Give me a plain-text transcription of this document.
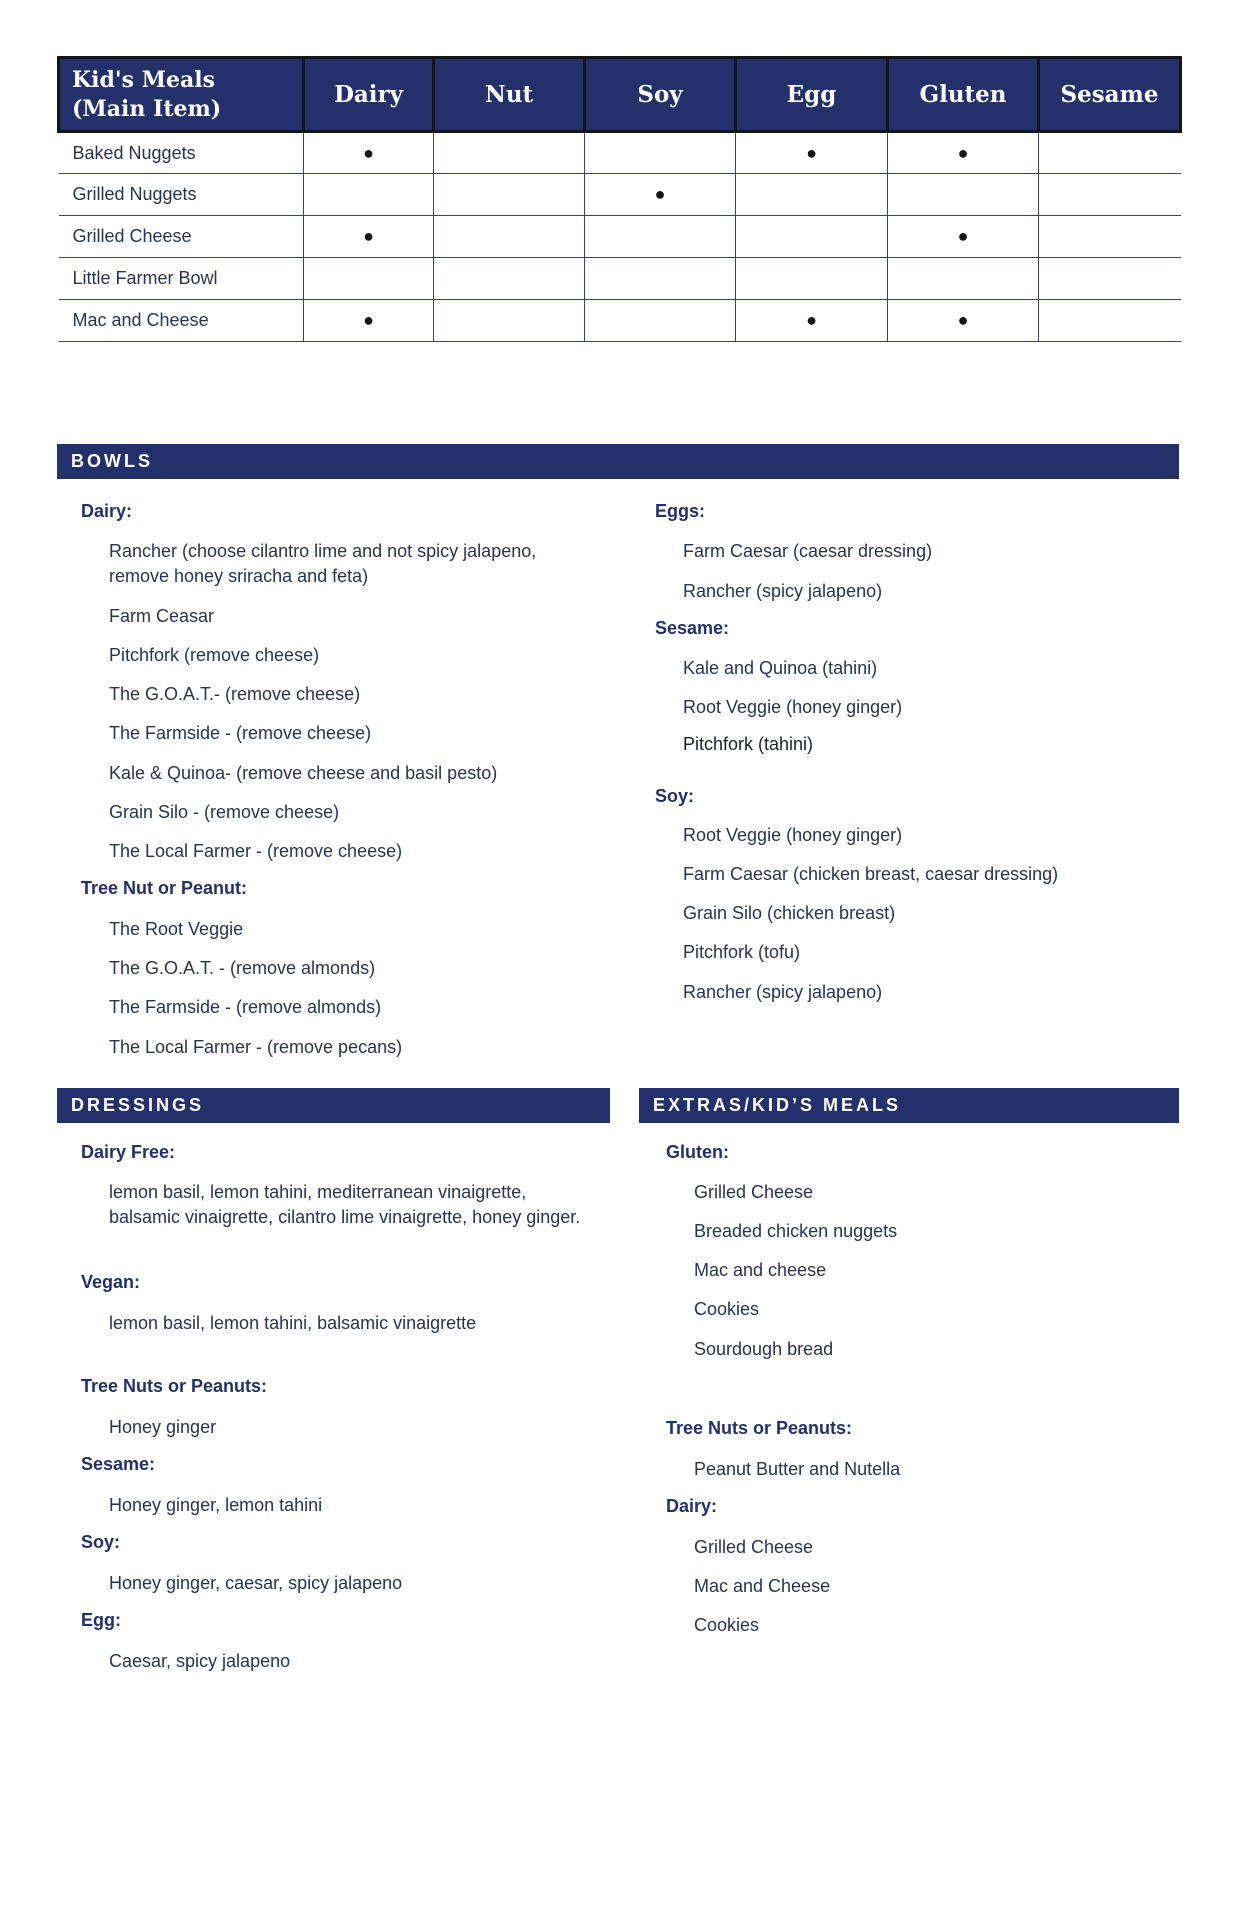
Kid's Meals (Main Item)	Dairy	Nut	Soy	Egg	Gluten	Sesame
Baked Nuggets	●			●	●	
Grilled Nuggets			●			
Grilled Cheese	●				●	
Little Farmer Bowl						
Mac and Cheese	●			●	●	
BOWLS
Dairy:
Rancher (choose cilantro lime and not spicy jalapeno, remove honey sriracha and feta)
Farm Ceasar
Pitchfork (remove cheese)
The G.O.A.T.- (remove cheese)
The Farmside - (remove cheese)
Kale & Quinoa- (remove cheese and basil pesto)
Grain Silo - (remove cheese)
The Local Farmer - (remove cheese)
Tree Nut or Peanut:
The Root Veggie
The G.O.A.T. - (remove almonds)
The Farmside - (remove almonds)
The Local Farmer - (remove pecans)
Eggs:
Farm Caesar (caesar dressing)
Rancher (spicy jalapeno)
Sesame:
Kale and Quinoa (tahini)
Root Veggie (honey ginger)
Pitchfork (tahini)
Soy:
Root Veggie (honey ginger)
Farm Caesar (chicken breast, caesar dressing)
Grain Silo (chicken breast)
Pitchfork (tofu)
Rancher (spicy jalapeno)
DRESSINGS
Dairy Free:
lemon basil, lemon tahini, mediterranean vinaigrette, balsamic vinaigrette, cilantro lime vinaigrette, honey ginger.
Vegan:
lemon basil, lemon tahini, balsamic vinaigrette
Tree Nuts or Peanuts:
Honey ginger
Sesame:
Honey ginger, lemon tahini
Soy:
Honey ginger, caesar, spicy jalapeno
Egg:
Caesar, spicy jalapeno
EXTRAS/KID’S MEALS
Gluten:
Grilled Cheese
Breaded chicken nuggets
Mac and cheese
Cookies
Sourdough bread
Tree Nuts or Peanuts:
Peanut Butter and Nutella
Dairy:
Grilled Cheese
Mac and Cheese
Cookies
